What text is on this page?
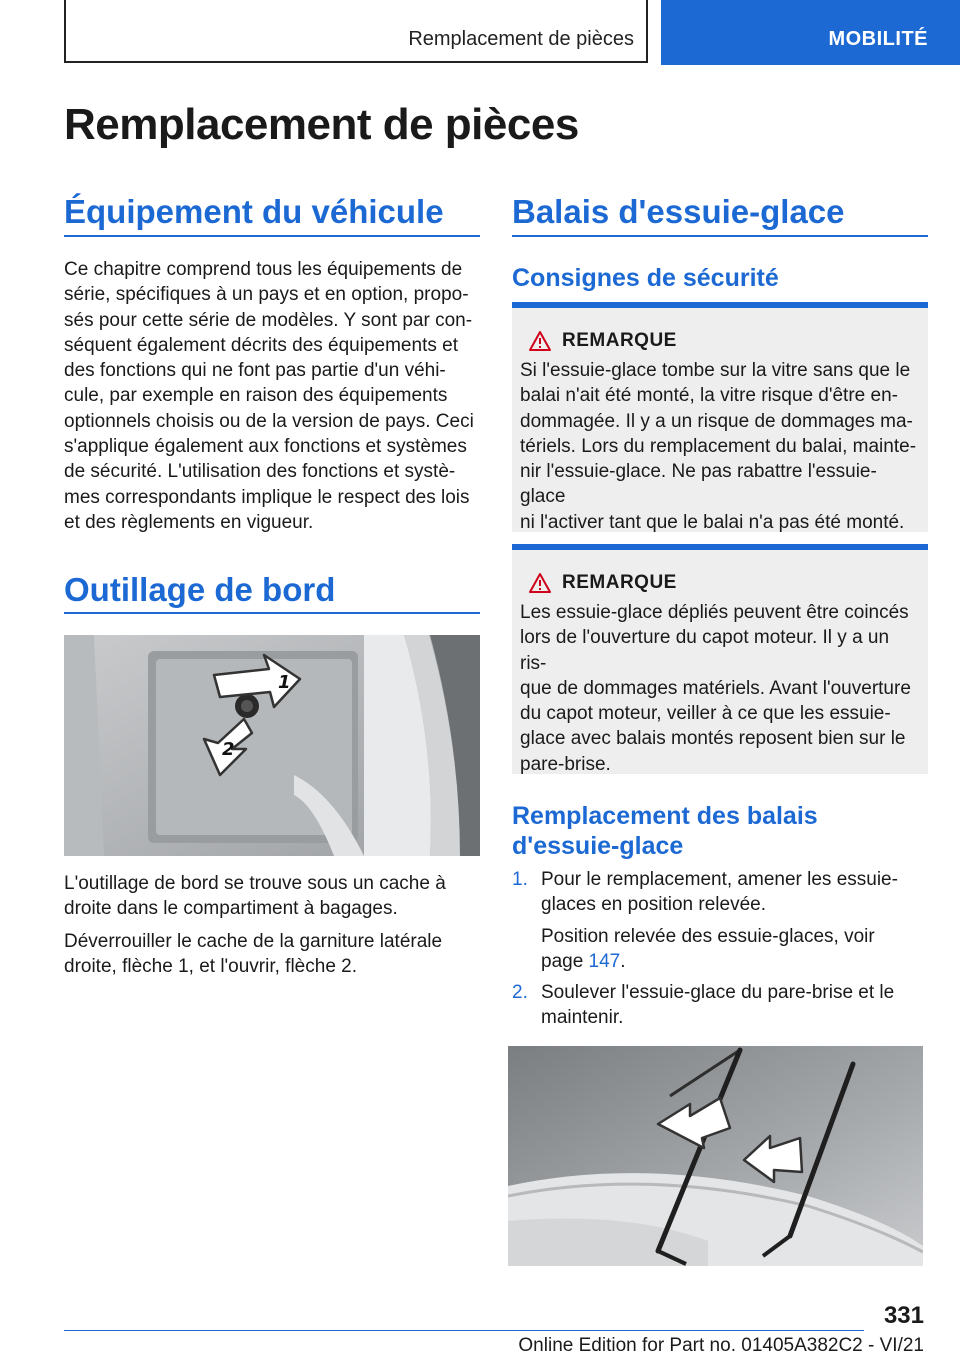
Remplacement de pièces	MOBILITÉ
Remplacement de pièces
Équipement du véhicule
Ce chapitre comprend tous les équipements de
série, spécifiques à un pays et en option, propo-
sés pour cette série de modèles. Y sont par con-
séquent également décrits des équipements et
des fonctions qui ne font pas partie d'un véhi-
cule, par exemple en raison des équipements
optionnels choisis ou de la version de pays. Ceci
s'applique également aux fonctions et systèmes
de sécurité. L'utilisation des fonctions et systè-
mes correspondants implique le respect des lois
et des règlements en vigueur.
Outillage de bord
1
2
L'outillage de bord se trouve sous un cache à
droite dans le compartiment à bagages.
Déverrouiller le cache de la garniture latérale
droite, flèche 1, et l'ouvrir, flèche 2.
Balais d'essuie-glace
Consignes de sécurité
REMARQUE

Si l'essuie-glace tombe sur la vitre sans que le
balai n'ait été monté, la vitre risque d'être en-
dommagée. Il y a un risque de dommages ma-
tériels. Lors du remplacement du balai, mainte-
nir l'essuie-glace. Ne pas rabattre l'essuie-glace
ni l'activer tant que le balai n'a pas été monté.

REMARQUE

Les essuie-glace dépliés peuvent être coincés
lors de l'ouverture du capot moteur. Il y a un ris-
que de dommages matériels. Avant l'ouverture
du capot moteur, veiller à ce que les essuie-
glace avec balais montés reposent bien sur le
pare-brise.

Remplacement des balais
d'essuie-glace
1. Pour le remplacement, amener les essuie-
glaces en position relevée.

Position relevée des essuie-glaces, voir
page 147.

2. Soulever l'essuie-glace du pare-brise et le
maintenir.

331
Online Edition for Part no. 01405A382C2 - VI/21
